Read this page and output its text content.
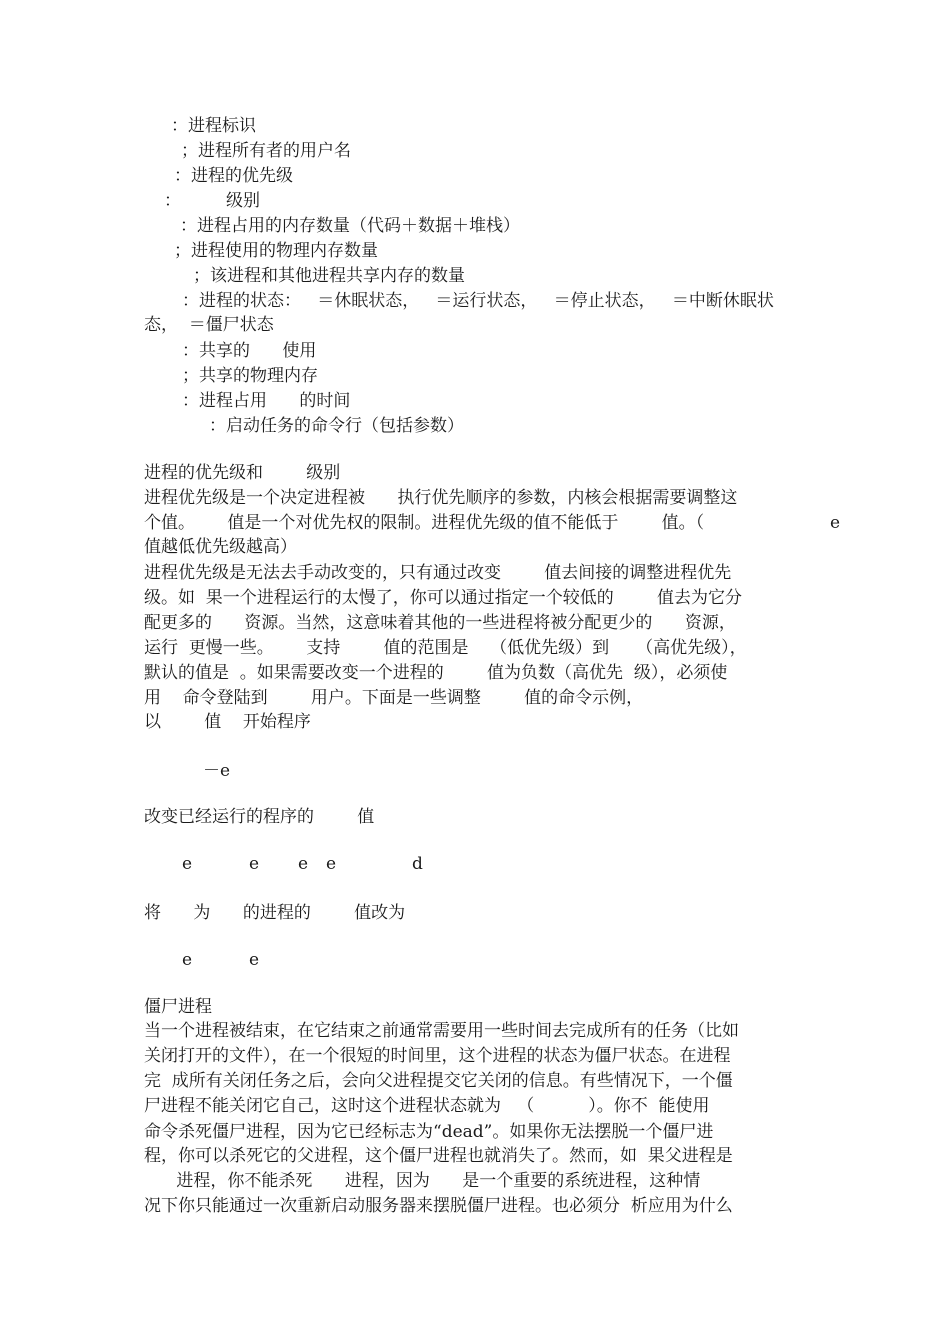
：进程标识
；进程所有者的用户名
：进程的优先级
：	级别
：进程占用的内存数量（代码＋数据＋堆栈）
；进程使用的物理内存数量
；该进程和其他进程共享内存的数量
：进程的状态：   ＝休眠状态，   ＝运行状态，   ＝停止状态，   ＝中断休眠状
态，  ＝僵尸状态
：共享的      使用
；共享的物理内存
：进程占用      的时间
：启动任务的命令行（包括参数）
进程的优先级和        级别
进程优先级是一个决定进程被      执行优先顺序的参数，内核会根据需要调整这
个值。      值是一个对优先权的限制。进程优先级的值不能低于        值。（	e
值越低优先级越高）
进程优先级是无法去手动改变的，只有通过改变        值去间接的调整进程优先
级。如  果一个进程运行的太慢了，你可以通过指定一个较低的        值去为它分
配更多的      资源。当然，这意味着其他的一些进程将被分配更少的      资源，
运行  更慢一些。      支持        值的范围是    （低优先级）到     （高优先级），
默认的值是  。如果需要改变一个进程的        值为负数（高优先  级），必须使
用    命令登陆到        用户。下面是一些调整        值的命令示例，
以        值    开始程序
－e
改变已经运行的程序的        值
e	e e e	d
将      为      的进程的        值改为
e	e
僵尸进程
当一个进程被结束，在它结束之前通常需要用一些时间去完成所有的任务（比如
关闭打开的文件），在一个很短的时间里，这个进程的状态为僵尸状态。在进程
完  成所有关闭任务之后，会向父进程提交它关闭的信息。有些情况下，一个僵
尸进程不能关闭它自己，这时这个进程状态就为   （          ）。你不  能使用
命令杀死僵尸进程，因为它已经标志为“dead”。如果你无法摆脱一个僵尸进
程，你可以杀死它的父进程，这个僵尸进程也就消失了。然而，如  果父进程是
进程，你不能杀死      进程，因为      是一个重要的系统进程，这种情
况下你只能通过一次重新启动服务器来摆脱僵尸进程。也必须分  析应用为什么
